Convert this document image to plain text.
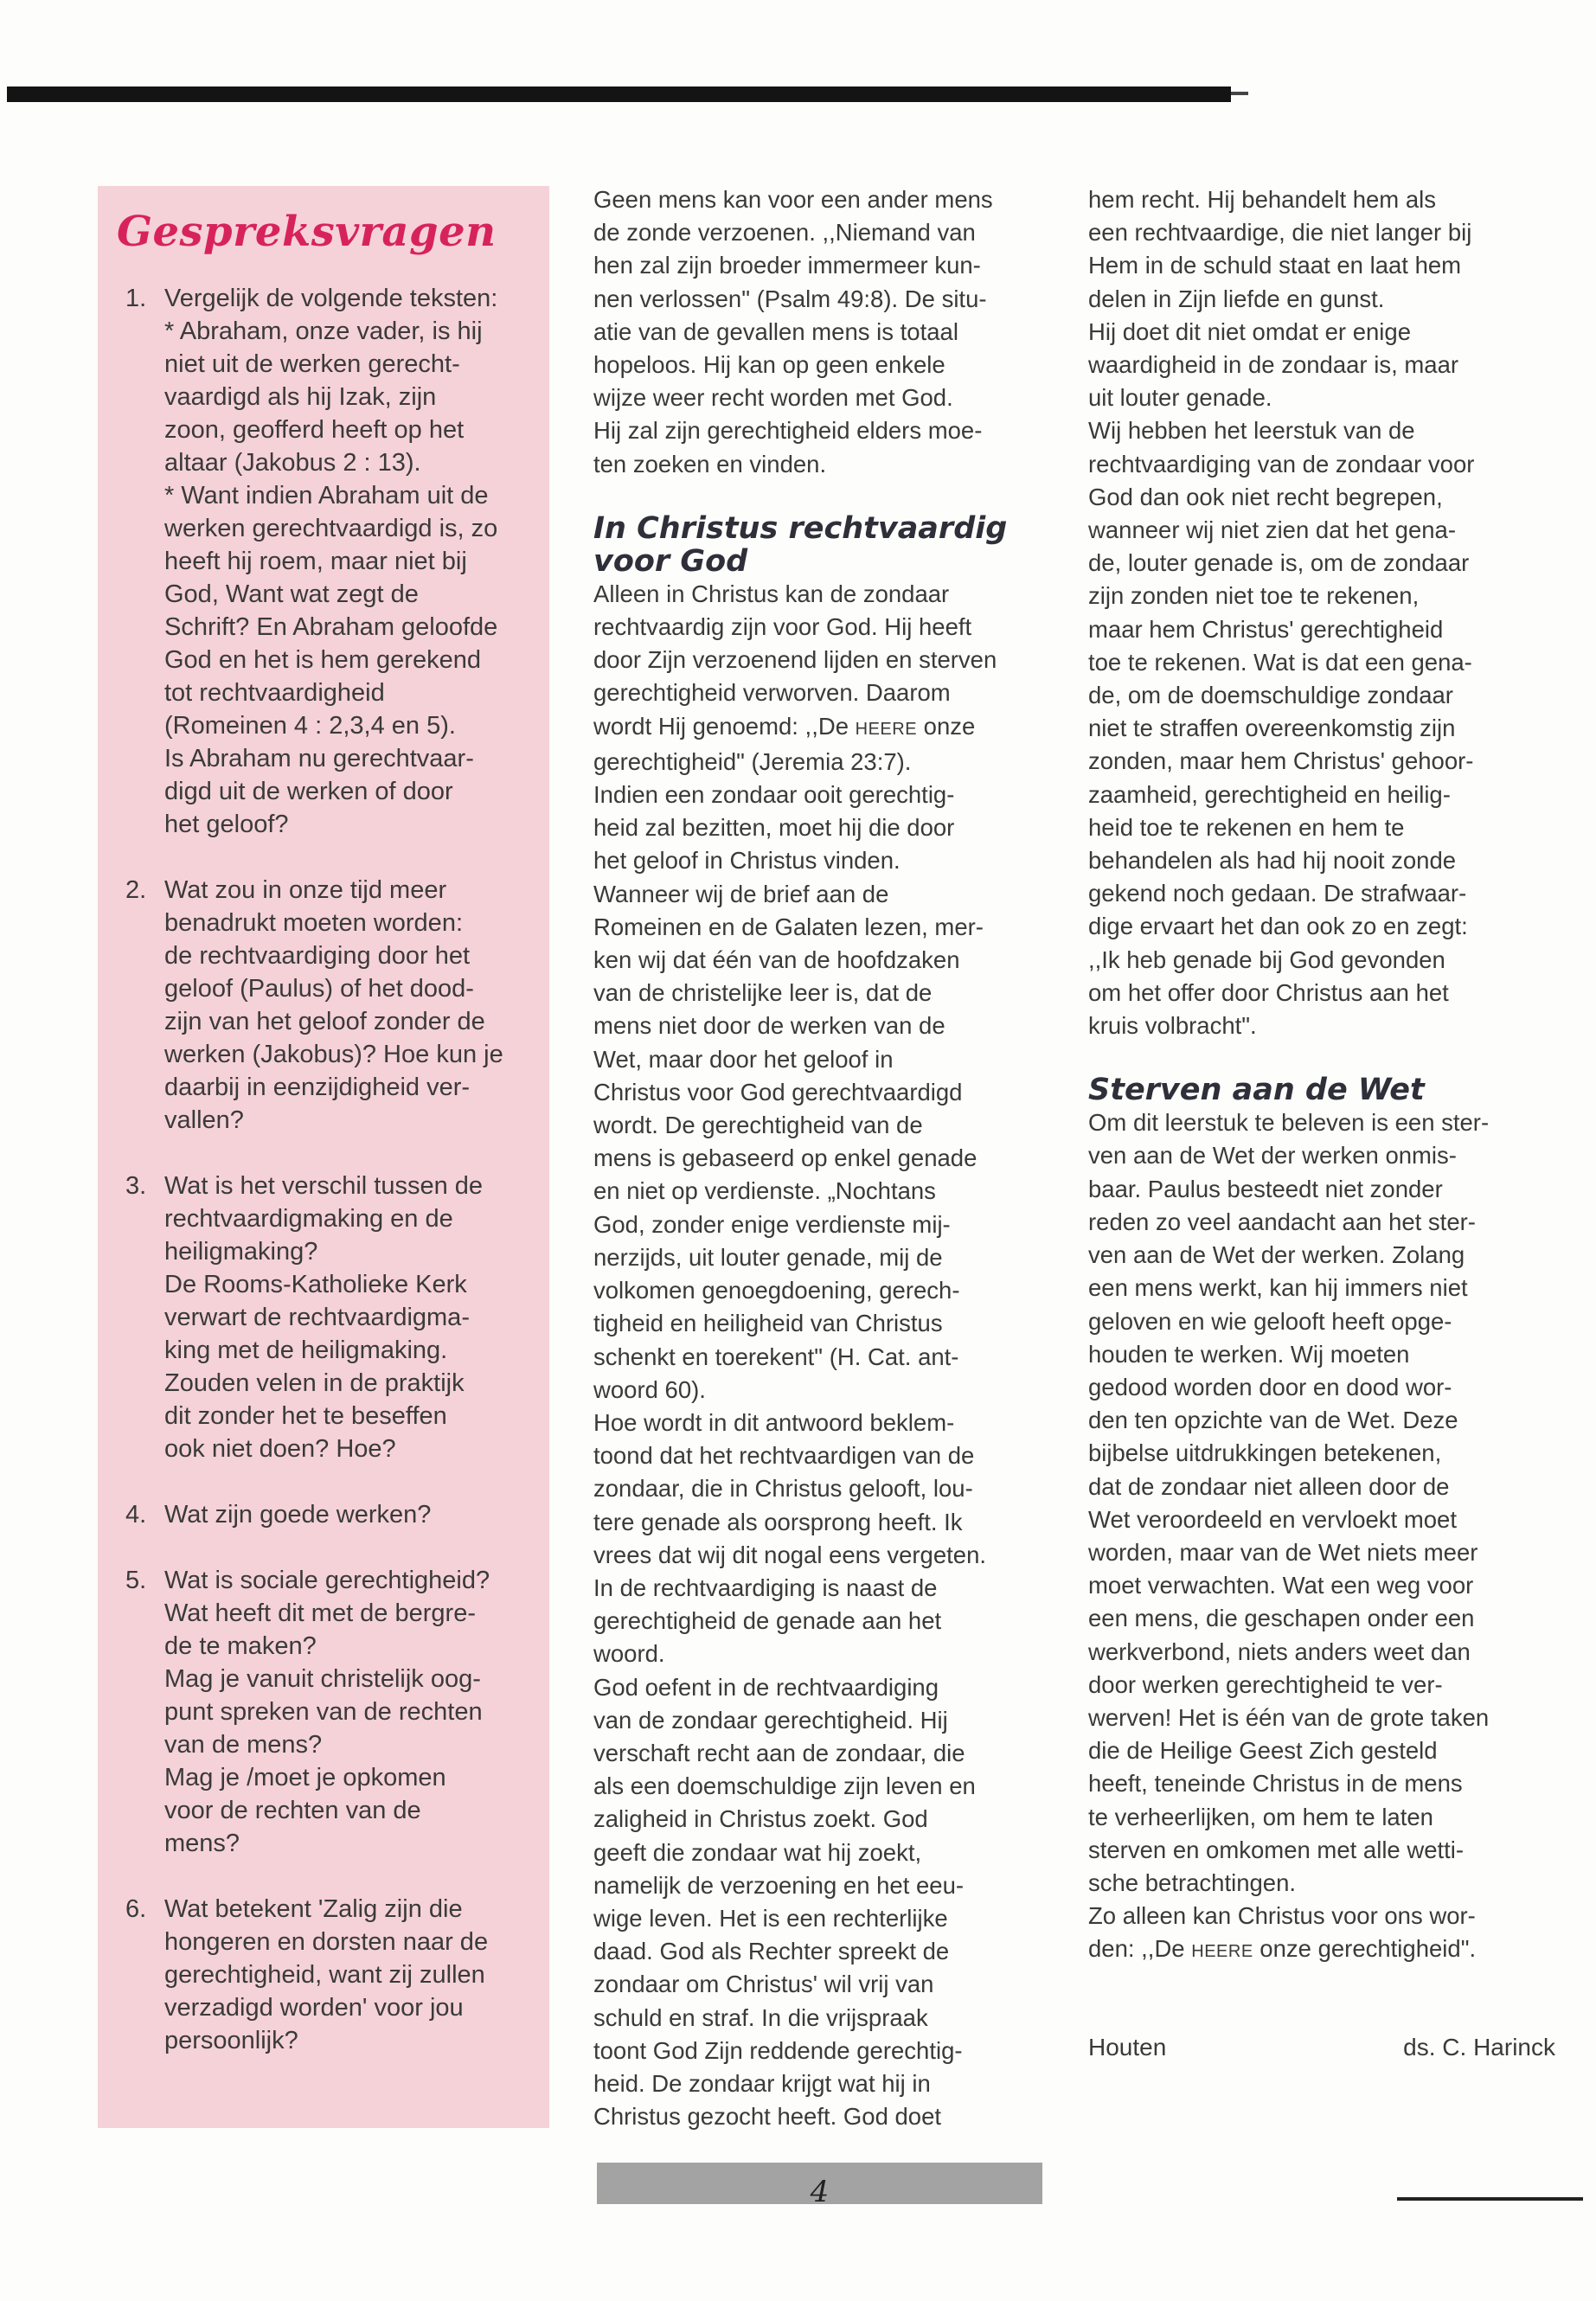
Gespreksvragen
1. Vergelijk de volgende teksten:
* Abraham, onze vader, is hij
niet uit de werken gerecht-
vaardigd als hij Izak, zijn
zoon, geofferd heeft op het
altaar (Jakobus 2 : 13).
* Want indien Abraham uit de
werken gerechtvaardigd is, zo
heeft hij roem, maar niet bij
God, Want wat zegt de
Schrift? En Abraham geloofde
God en het is hem gerekend
tot rechtvaardigheid
(Romeinen 4 : 2,3,4 en 5).
Is Abraham nu gerechtvaar-
digd uit de werken of door
het geloof?
2. Wat zou in onze tijd meer
benadrukt moeten worden:
de rechtvaardiging door het
geloof (Paulus) of het dood-
zijn van het geloof zonder de
werken (Jakobus)? Hoe kun je
daarbij in eenzijdigheid ver-
vallen?
3. Wat is het verschil tussen de
rechtvaardigmaking en de
heiligmaking?
De Rooms-Katholieke Kerk
verwart de rechtvaardigma-
king met de heiligmaking.
Zouden velen in de praktijk
dit zonder het te beseffen
ook niet doen? Hoe?
4. Wat zijn goede werken?
5. Wat is sociale gerechtigheid?
Wat heeft dit met de bergre-
de te maken?
Mag je vanuit christelijk oog-
punt spreken van de rechten
van de mens?
Mag je /moet je opkomen
voor de rechten van de
mens?
6. Wat betekent 'Zalig zijn die
hongeren en dorsten naar de
gerechtigheid, want zij zullen
verzadigd worden' voor jou
persoonlijk?
Geen mens kan voor een ander mens
de zonde verzoenen. ,,Niemand van
hen zal zijn broeder immermeer kun-
nen verlossen" (Psalm 49:8). De situ-
atie van de gevallen mens is totaal
hopeloos. Hij kan op geen enkele
wijze weer recht worden met God.
Hij zal zijn gerechtigheid elders moe-
ten zoeken en vinden.
In Christus rechtvaardig
voor God
Alleen in Christus kan de zondaar
rechtvaardig zijn voor God. Hij heeft
door Zijn verzoenend lijden en sterven
gerechtigheid verworven. Daarom
wordt Hij genoemd: ,,De HEERE onze
gerechtigheid" (Jeremia 23:7).
Indien een zondaar ooit gerechtig-
heid zal bezitten, moet hij die door
het geloof in Christus vinden.
Wanneer wij de brief aan de
Romeinen en de Galaten lezen, mer-
ken wij dat één van de hoofdzaken
van de christelijke leer is, dat de
mens niet door de werken van de
Wet, maar door het geloof in
Christus voor God gerechtvaardigd
wordt. De gerechtigheid van de
mens is gebaseerd op enkel genade
en niet op verdienste. „Nochtans
God, zonder enige verdienste mij-
nerzijds, uit louter genade, mij de
volkomen genoegdoening, gerech-
tigheid en heiligheid van Christus
schenkt en toerekent" (H. Cat. ant-
woord 60).
Hoe wordt in dit antwoord beklem-
toond dat het rechtvaardigen van de
zondaar, die in Christus gelooft, lou-
tere genade als oorsprong heeft. Ik
vrees dat wij dit nogal eens vergeten.
In de rechtvaardiging is naast de
gerechtigheid de genade aan het
woord.
God oefent in de rechtvaardiging
van de zondaar gerechtigheid. Hij
verschaft recht aan de zondaar, die
als een doemschuldige zijn leven en
zaligheid in Christus zoekt. God
geeft die zondaar wat hij zoekt,
namelijk de verzoening en het eeu-
wige leven. Het is een rechterlijke
daad. God als Rechter spreekt de
zondaar om Christus' wil vrij van
schuld en straf. In die vrijspraak
toont God Zijn reddende gerechtig-
heid. De zondaar krijgt wat hij in
Christus gezocht heeft. God doet
hem recht. Hij behandelt hem als
een rechtvaardige, die niet langer bij
Hem in de schuld staat en laat hem
delen in Zijn liefde en gunst.
Hij doet dit niet omdat er enige
waardigheid in de zondaar is, maar
uit louter genade.
Wij hebben het leerstuk van de
rechtvaardiging van de zondaar voor
God dan ook niet recht begrepen,
wanneer wij niet zien dat het gena-
de, louter genade is, om de zondaar
zijn zonden niet toe te rekenen,
maar hem Christus' gerechtigheid
toe te rekenen. Wat is dat een gena-
de, om de doemschuldige zondaar
niet te straffen overeenkomstig zijn
zonden, maar hem Christus' gehoor-
zaamheid, gerechtigheid en heilig-
heid toe te rekenen en hem te
behandelen als had hij nooit zonde
gekend noch gedaan. De strafwaar-
dige ervaart het dan ook zo en zegt:
,,Ik heb genade bij God gevonden
om het offer door Christus aan het
kruis volbracht".
Sterven aan de Wet
Om dit leerstuk te beleven is een ster-
ven aan de Wet der werken onmis-
baar. Paulus besteedt niet zonder
reden zo veel aandacht aan het ster-
ven aan de Wet der werken. Zolang
een mens werkt, kan hij immers niet
geloven en wie gelooft heeft opge-
houden te werken. Wij moeten
gedood worden door en dood wor-
den ten opzichte van de Wet. Deze
bijbelse uitdrukkingen betekenen,
dat de zondaar niet alleen door de
Wet veroordeeld en vervloekt moet
worden, maar van de Wet niets meer
moet verwachten. Wat een weg voor
een mens, die geschapen onder een
werkverbond, niets anders weet dan
door werken gerechtigheid te ver-
werven! Het is één van de grote taken
die de Heilige Geest Zich gesteld
heeft, teneinde Christus in de mens
te verheerlijken, om hem te laten
sterven en omkomen met alle wetti-
sche betrachtingen.
Zo alleen kan Christus voor ons wor-
den: ,,De HEERE onze gerechtigheid".
Houten	ds. C. Harinck
4
